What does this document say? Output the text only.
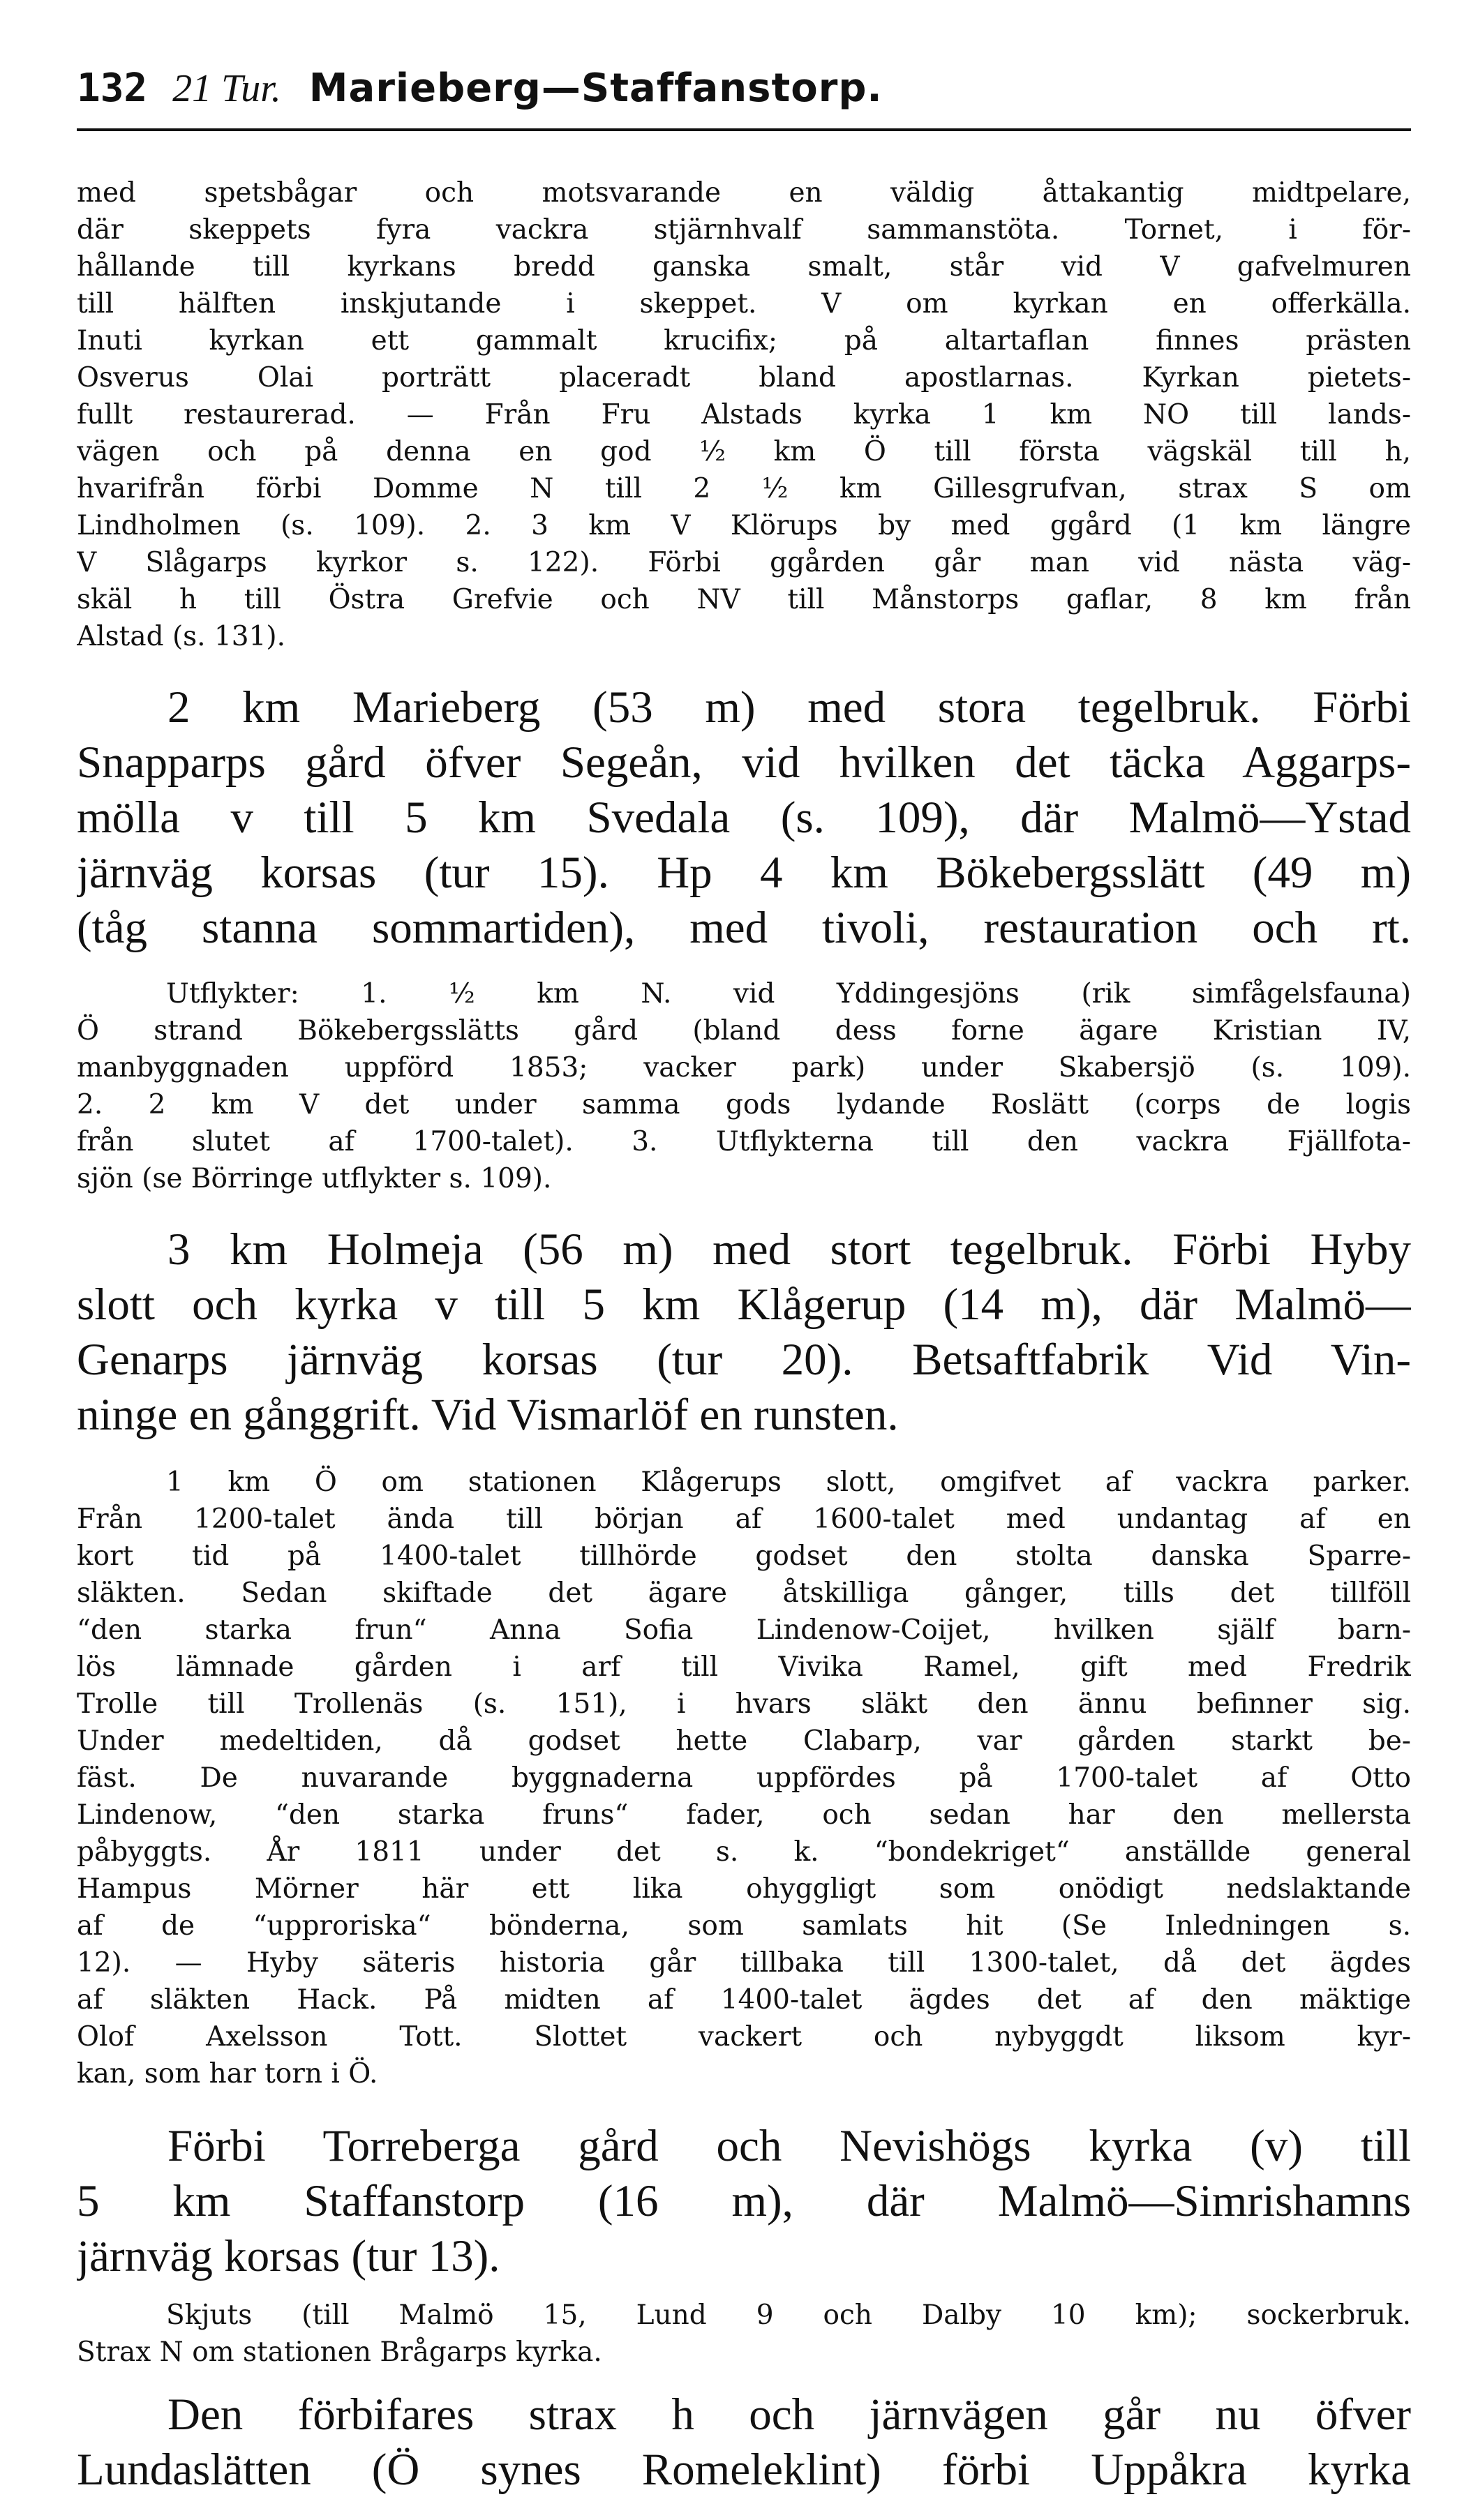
132 21 Tur. Marieberg—Staffanstorp.
med spetsbågar och motsvarande en väldig åttakantig midtpelare,
där skeppets fyra vackra stjärnhvalf sammanstöta. Tornet, i för-
hållande till kyrkans bredd ganska smalt, står vid V gafvelmuren
till hälften inskjutande i skeppet. V om kyrkan en offerkälla.
Inuti kyrkan ett gammalt krucifix; på altartaflan finnes prästen
Osverus Olai porträtt placeradt bland apostlarnas. Kyrkan pietets-
fullt restaurerad. — Från Fru Alstads kyrka 1 km NO till lands-
vägen och på denna en god ½ km Ö till första vägskäl till h,
hvarifrån förbi Domme N till 2 ½ km Gillesgrufvan, strax S om
Lindholmen (s. 109). 2. 3 km V Klörups by med ggård (1 km längre
V Slågarps kyrkor s. 122). Förbi ggården går man vid nästa väg-
skäl h till Östra Grefvie och NV till Månstorps gaflar, 8 km från
Alstad (s. 131).
2 km Marieberg (53 m) med stora tegelbruk. Förbi
Snapparps gård öfver Segeån, vid hvilken det täcka Aggarps-
mölla v till 5 km Svedala (s. 109), där Malmö—Ystad
järnväg korsas (tur 15). Hp 4 km Bökebergsslätt (49 m)
(tåg stanna sommartiden), med tivoli, restauration och rt.
Utflykter: 1. ½ km N. vid Yddingesjöns (rik simfågelsfauna)
Ö strand Bökebergsslätts gård (bland dess forne ägare Kristian IV,
manbyggnaden uppförd 1853; vacker park) under Skabersjö (s. 109).
2. 2 km V det under samma gods lydande Roslätt (corps de logis
från slutet af 1700-talet). 3. Utflykterna till den vackra Fjällfota-
sjön (se Börringe utflykter s. 109).
3 km Holmeja (56 m) med stort tegelbruk. Förbi Hyby
slott och kyrka v till 5 km Klågerup (14 m), där Malmö—
Genarps järnväg korsas (tur 20). Betsaftfabrik Vid Vin-
ninge en gånggrift. Vid Vismarlöf en runsten.
1 km Ö om stationen Klågerups slott, omgifvet af vackra parker.
Från 1200-talet ända till början af 1600-talet med undantag af en
kort tid på 1400-talet tillhörde godset den stolta danska Sparre-
släkten. Sedan skiftade det ägare åtskilliga gånger, tills det tillföll
“den starka frun“ Anna Sofia Lindenow-Coijet, hvilken själf barn-
lös lämnade gården i arf till Vivika Ramel, gift med Fredrik
Trolle till Trollenäs (s. 151), i hvars släkt den ännu befinner sig.
Under medeltiden, då godset hette Clabarp, var gården starkt be-
fäst. De nuvarande byggnaderna uppfördes på 1700-talet af Otto
Lindenow, “den starka fruns“ fader, och sedan har den mellersta
påbyggts. År 1811 under det s. k. “bondekriget“ anställde general
Hampus Mörner här ett lika ohyggligt som onödigt nedslaktande
af de “upproriska“ bönderna, som samlats hit (Se Inledningen s.
12). — Hyby säteris historia går tillbaka till 1300-talet, då det ägdes
af släkten Hack. På midten af 1400-talet ägdes det af den mäktige
Olof Axelsson Tott. Slottet vackert och nybyggdt liksom kyr-
kan, som har torn i Ö.
Förbi Torreberga gård och Nevishögs kyrka (v) till
5 km Staffanstorp (16 m), där Malmö—Simrishamns
järnväg korsas (tur 13).
Skjuts (till Malmö 15, Lund 9 och Dalby 10 km); sockerbruk.
Strax N om stationen Brågarps kyrka.
Den förbifares strax h och järnvägen går nu öfver
Lundaslätten (Ö synes Romeleklint) förbi Uppåkra kyrka
